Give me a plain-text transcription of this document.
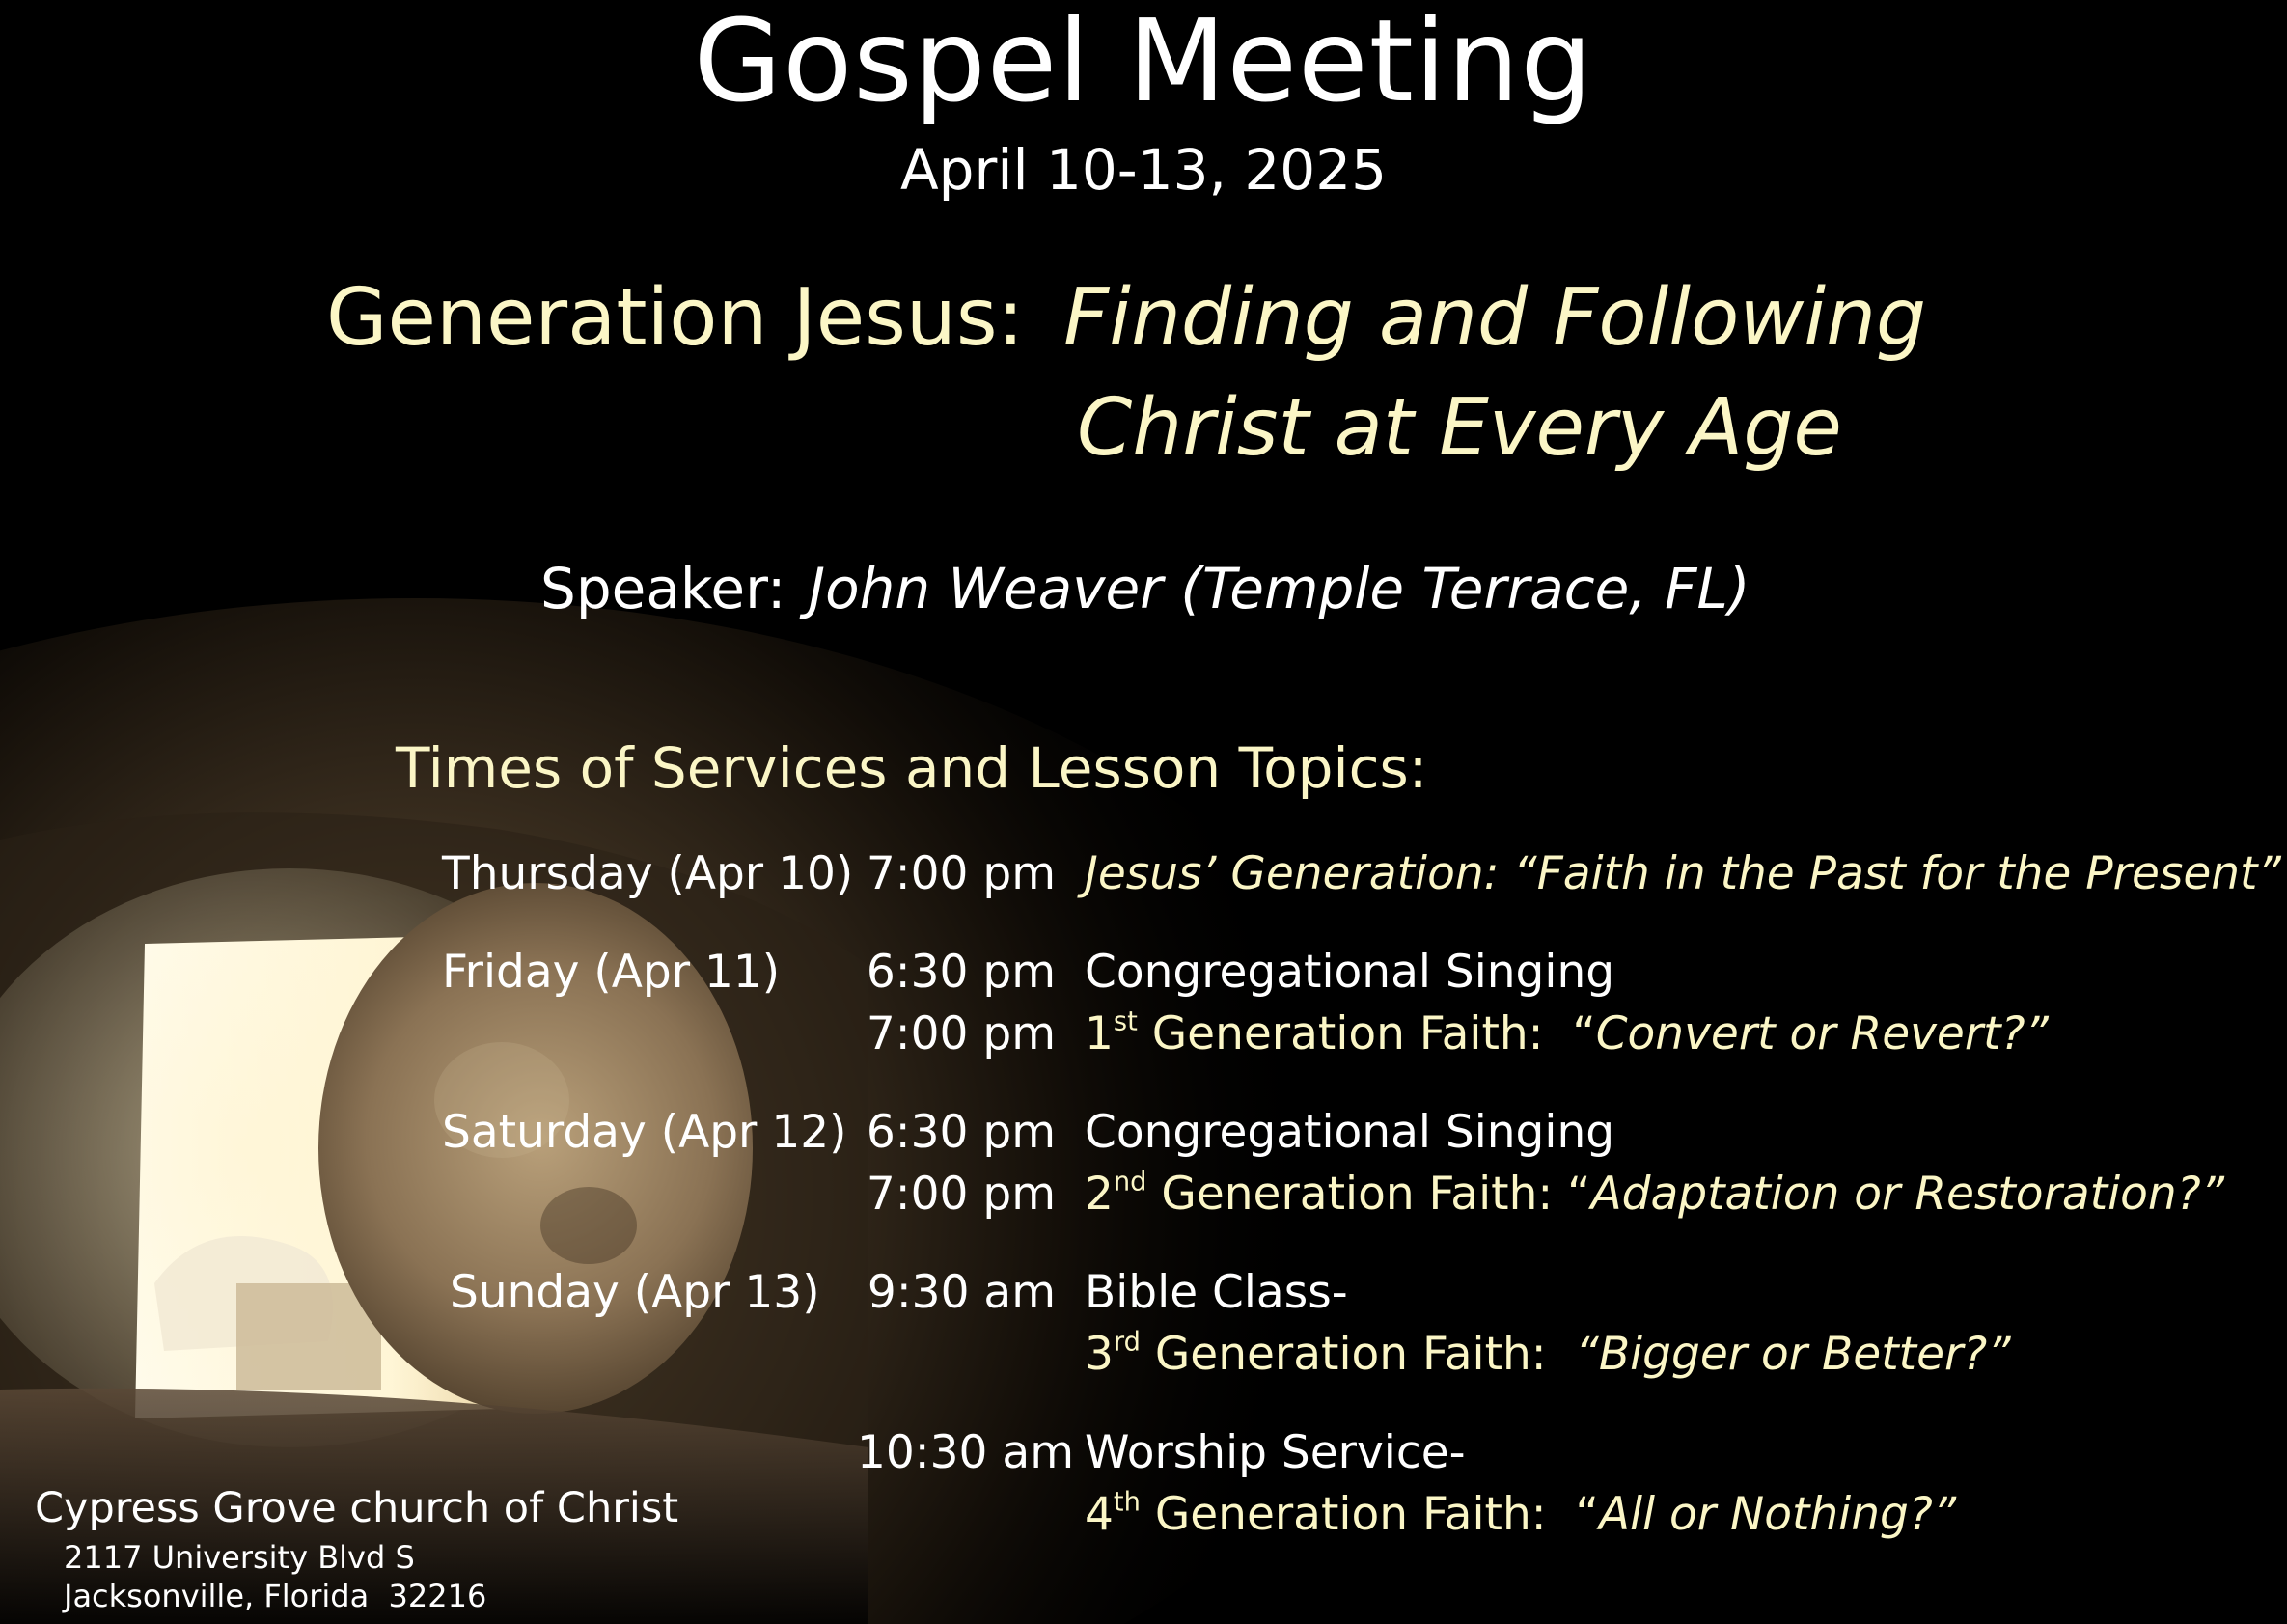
Gospel Meeting
April 10-13, 2025
Generation Jesus: Finding and Following
Christ at Every Age
Speaker: John Weaver (Temple Terrace, FL)
Times of Services and Lesson Topics:
Thursday (Apr 10) 7:00 pm Jesus’ Generation: “Faith in the Past for the Present”
Friday (Apr 11) 6:30 pm Congregational Singing
7:00 pm 1st Generation Faith:  “Convert or Revert?”
Saturday (Apr 12) 6:30 pm Congregational Singing
7:00 pm 2nd Generation Faith: “Adaptation or Restoration?”
Sunday (Apr 13) 9:30 am Bible Class-
3rd Generation Faith:  “Bigger or Better?”
10:30 am Worship Service-
4th Generation Faith:  “All or Nothing?”
Cypress Grove church of Christ
2117 University Blvd S
Jacksonville, Florida  32216
